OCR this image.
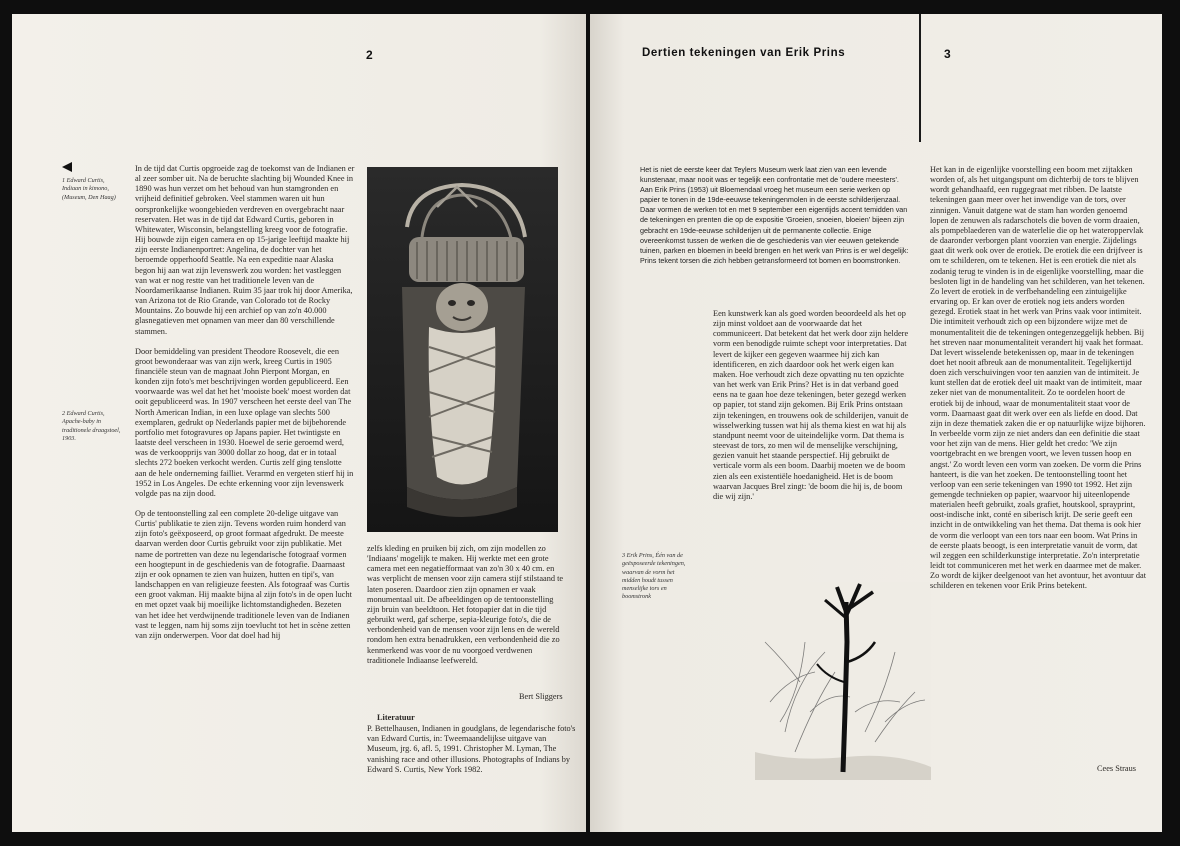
2
1 Edward Curtis, Indiaan in kimono, (Museum, Den Haag)
2 Edward Curtis, Apache-baby in traditionele draagstoel, 1903.

In de tijd dat Curtis opgroeide zag de toekomst van de Indianen er al zeer somber uit. Na de beruchte slachting bij Wounded Knee in 1890 was hun verzet om het behoud van hun stamgronden en vrijheid definitief gebroken. Veel stammen waren uit hun oorspronkelijke woongebieden verdreven en overgebracht naar reservaten. Het was in de tijd dat Edward Curtis, geboren in Whitewater, Wisconsin, belangstelling kreeg voor de fotografie. Hij bouwde zijn eigen camera en op 15-jarige leeftijd maakte hij zijn eerste Indianenportret: Angelina, de dochter van het beroemde opperhoofd Seattle. Na een expeditie naar Alaska begon hij aan wat zijn levenswerk zou worden: het vastleggen van wat er nog restte van het traditionele leven van de Noordamerikaanse Indianen. Ruim 35 jaar trok hij door Amerika, van Arizona tot de Rio Grande, van Colorado tot de Rocky Mountains. Zo bouwde hij een archief op van zo'n 40.000 glasnegatieven met opnamen van meer dan 80 verschillende stammen.

Door bemiddeling van president Theodore Roosevelt, die een groot bewonderaar was van zijn werk, kreeg Curtis in 1905 financiële steun van de magnaat John Pierpont Morgan, en konden zijn foto's met beschrijvingen worden gepubliceerd. Een voorwaarde was wel dat het het 'mooiste boek' moest worden dat ooit gepubliceerd was. In 1907 verscheen het eerste deel van The North American Indian, in een luxe oplage van slechts 500 exemplaren, gedrukt op Nederlands papier met de bijbehorende portfolio met fotogravures op Japans papier. Het twintigste en laatste deel verscheen in 1930. Hoewel de serie geroemd werd, was de verkoopprijs van 3000 dollar zo hoog, dat er in totaal slechts 272 boeken verkocht werden. Curtis zelf ging tenslotte aan de hele onderneming failliet. Verarmd en vergeten stierf hij in 1952 in Los Angeles. De echte erkenning voor zijn levenswerk volgde pas na zijn dood.

Op de tentoonstelling zal een complete 20-delige uitgave van Curtis' publikatie te zien zijn. Tevens worden ruim honderd van zijn foto's geëxposeerd, op groot formaat afgedrukt. De meeste daarvan werden door Curtis gebruikt voor zijn publikatie. Met name de portretten van deze nu legendarische fotograaf vormen een hoogtepunt in de geschiedenis van de fotografie. Daarnaast zijn er ook opnamen te zien van huizen, hutten en tipi's, van landschappen en van religieuze feesten. Als fotograaf was Curtis een groot vakman. Hij maakte bijna al zijn foto's in de open lucht en met opzet vaak bij moeilijke lichtomstandigheden. Bezeten van het idee het verdwijnende traditionele leven van de Indianen vast te leggen, nam hij soms zijn toevlucht tot het in scène zetten van zijn onderwerpen. Voor dat doel had hij

zelfs kleding en pruiken bij zich, om zijn modellen zo 'Indiaans' mogelijk te maken. Hij werkte met een grote camera met een negatiefformaat van zo'n 30 x 40 cm. en was verplicht de mensen voor zijn camera stijf stilstaand te laten poseren. Daardoor zien zijn opnamen er vaak monumentaal uit. De afbeeldingen op de tentoonstelling zijn bruin van beeldtoon. Het fotopapier dat in die tijd gebruikt werd, gaf scherpe, sepia-kleurige foto's, die de verbondenheid van de mensen voor zijn lens en de wereld rondom hen extra benadrukken, een verbondenheid die zo kenmerkend was voor de nu voorgoed verdwenen traditionele Indiaanse leefwereld.
Bert Sliggers
Literatuur
P. Bettelhausen, Indianen in goudglans, de legendarische foto's van Edward Curtis, in: Tweemaandelijkse uitgave van Museum, jrg. 6, afl. 5, 1991. Christopher M. Lyman, The vanishing race and other illusions. Photographs of Indians by Edward S. Curtis, New York 1982.
Dertien tekeningen van Erik Prins	3
Het is niet de eerste keer dat Teylers Museum werk laat zien van een levende kunstenaar, maar nooit was er tegelijk een confrontatie met de 'oudere meesters'. Aan Erik Prins (1953) uit Bloemendaal vroeg het museum een serie werken op papier te tonen in de 19de-eeuwse tekeningenmolen in de eerste schilderijenzaal. Daar vormen de werken tot en met 9 september een eigentijds accent temidden van de tekeningen en prenten die op de expositie 'Groeien, snoeien, bloeien' bijeen zijn gebracht en 19de-eeuwse schilderijen uit de permanente collectie. Enige overeenkomst tussen de werken die de geschiedenis van vier eeuwen getekende tuinen, parken en bloemen in beeld brengen en het werk van Prins is er wel degelijk: Prins tekent torsen die zich hebben getransformeerd tot bomen en boomstronken.
Een kunstwerk kan als goed worden beoordeeld als het op zijn minst voldoet aan de voorwaarde dat het communiceert. Dat betekent dat het werk door zijn heldere vorm een benodigde ruimte schept voor interpretaties. Dat levert de kijker een gegeven waarmee hij zich kan identificeren, en zich daardoor ook het werk eigen kan maken. Hoe verhoudt zich deze opvatting nu ten opzichte van het werk van Erik Prins? Het is in dat verband goed eens na te gaan hoe deze tekeningen, beter gezegd werken op papier, tot stand zijn gekomen. Bij Erik Prins ontstaan zijn tekeningen, en trouwens ook de schilderijen, vanuit de wisselwerking tussen wat hij als thema kiest en wat hij als standpunt neemt voor de uiteindelijke vorm. Dat thema is steevast de tors, zo men wil de menselijke verschijning, gezien vanuit het staande perspectief. Hij gebruikt de verticale vorm als een boom. Daarbij moeten we de boom zien als een existentiële hoedanigheid. Het is de boom waarvan Jacques Brel zingt: 'de boom die hij is, de boom die wij zijn.'
3 Erik Prins, Één van de geëxposeerde tekeningen, waarvan de vorm het midden houdt tussen menselijke tors en boomstronk
Het kan in de eigenlijke voorstelling een boom met zijtakken worden of, als het uitgangspunt om dichterbij de tors te blijven wordt gehandhaafd, een ruggegraat met ribben. De laatste tekeningen gaan meer over het inwendige van de tors, over zinnigen. Vanuit datgene wat de stam han worden genoemd lopen de zenuwen als radarschotels die boven de vorm draaien, als pompeblaederen van de waterlelie die op het wateroppervlak de daaronder verborgen plant voorzien van energie. Zijdelings gaat dit werk ook over de erotiek. De erotiek die een drijfveer is om te schilderen, om te tekenen. Het is een erotiek die niet als zodanig terug te vinden is in de eigenlijke voorstelling, maar die besloten ligt in de handeling van het schilderen, van het tekenen. Zo levert de erotiek in de verfbehandeling een zintuigelijke ervaring op. Er kan over de erotiek nog iets anders worden gezegd. Erotiek staat in het werk van Prins vaak voor intimiteit. Die intimiteit verhoudt zich op een bijzondere wijze met de monumentaliteit die de tekeningen ontegenzeggelijk hebben. Bij het streven naar monumentaliteit verandert hij vaak het formaat. Dat levert wisselende betekenissen op, maar in de tekeningen doet het nooit afbreuk aan de monumentaliteit. Tegelijkertijd doen zich verschuivingen voor ten aanzien van de intimiteit. Je kunt stellen dat de erotiek deel uit maakt van de intimiteit, maar zeker niet van de monumentaliteit. Zo te oordelen hoort de erotiek bij de inhoud, waar de monumentaliteit staat voor de vorm. Daarnaast gaat dit werk over een als liefde en dood. Dat zijn in deze thematiek zaken die er op natuurlijke wijze bijhoren. In verbeelde vorm zijn ze niet anders dan een definitie die staat voor het zijn van de mens. Hier geldt het credo: 'We zijn voortgebracht en we brengen voort, we leven tussen hoop en angst.' Zo wordt leven een vorm van zoeken. De vorm die Prins hanteert, is die van het zoeken. De tentoonstelling toont het verloop van een serie tekeningen van 1990 tot 1992. Het zijn gemengde technieken op papier, waarvoor hij uiteenlopende materialen heeft gebruikt, zoals grafiet, houtskool, sprayprint, oost-indische inkt, conté en siberisch krijt. De serie geeft een inzicht in de ontwikkeling van het thema. Dat thema is ook hier de vorm die verloopt van een tors naar een boom. Wat Prins in de eerste plaats beoogt, is een interpretatie vanuit de vorm, dat wil zeggen een schilderkunstige interpretatie. Zo'n interpretatie leidt tot communiceren met het werk en daarmee met de maker. Zo wordt de kijker deelgenoot van het avontuur, het avontuur dat schilderen en tekenen voor Erik Prins betekent.
Cees Straus
